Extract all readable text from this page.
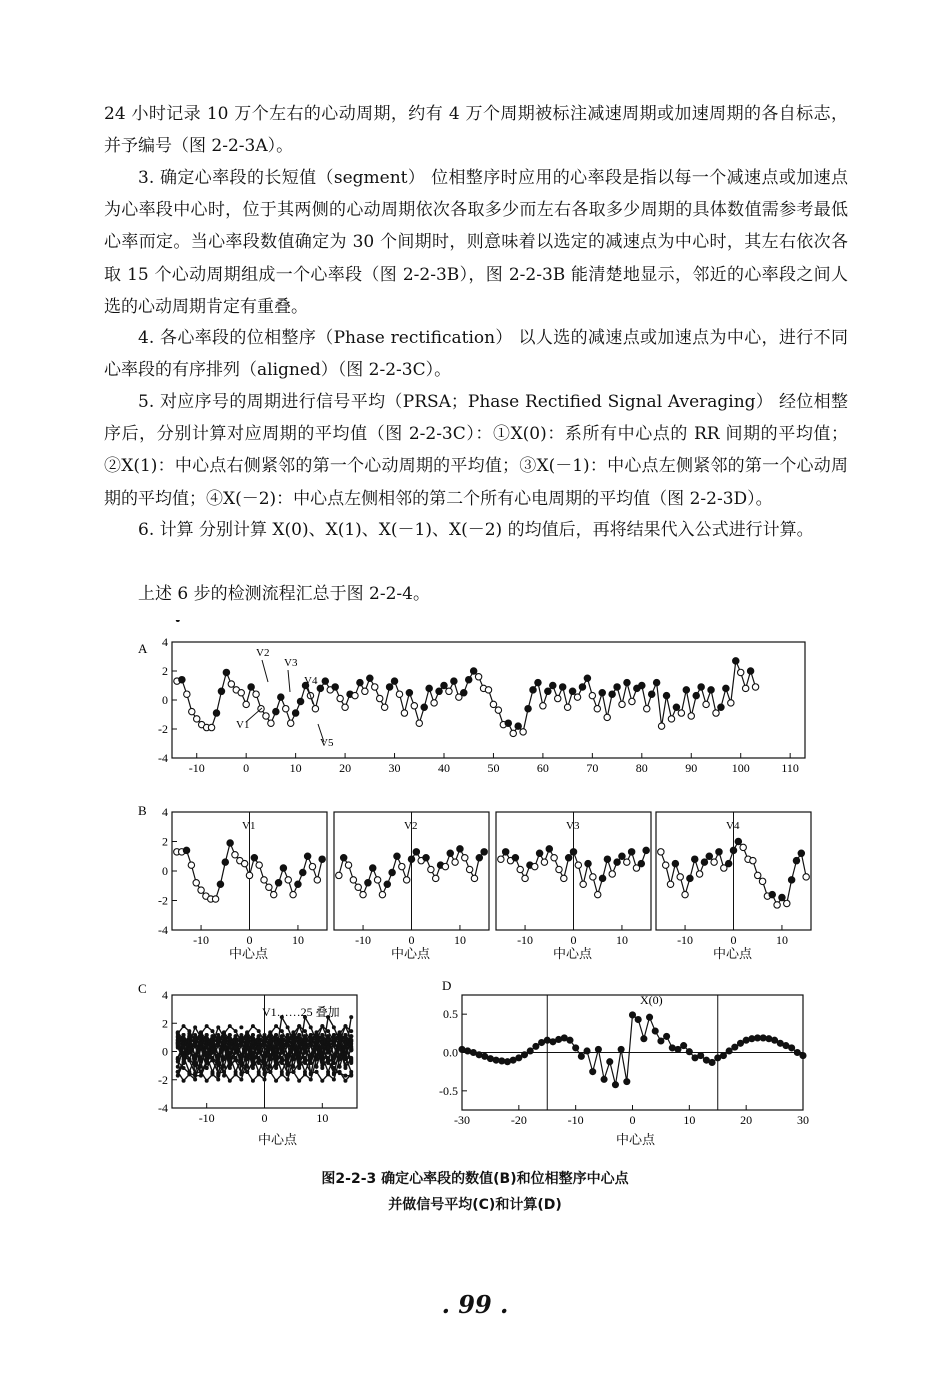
24 小时记录 10 万个左右的心动周期，约有 4 万个周期被标注减速周期或加速周期的各自标志，并予编号（图 2-2-3A）。

3. 确定心率段的长短值（segment） 位相整序时应用的心率段是指以每一个减速点或加速点为心率段中心时，位于其两侧的心动周期依次各取多少而左右各取多少周期的具体数值需参考最低心率而定。当心率段数值确定为 30 个间期时，则意味着以选定的减速点为中心时，其左右依次各取 15 个心动周期组成一个心率段（图 2-2-3B），图 2-2-3B 能清楚地显示，邻近的心率段之间人选的心动周期肯定有重叠。

4. 各心率段的位相整序（Phase rectification） 以人选的减速点或加速点为中心，进行不同心率段的有序排列（aligned）（图 2-2-3C）。

5. 对应序号的周期进行信号平均（PRSA；Phase Rectified Signal Averaging） 经位相整序后，分别计算对应周期的平均值（图 2-2-3C）：①X(0)：系所有中心点的 RR 间期的平均值；②X(1)：中心点右侧紧邻的第一个心动周期的平均值；③X(－1)：中心点左侧紧邻的第一个心动周期的平均值；④X(－2)：中心点左侧相邻的第二个所有心电周期的平均值（图 2-2-3D）。

6. 计算 分别计算 X(0)、X(1)、X(－1)、X(－2) 的均值后，再将结果代入公式进行计算。

上述 6 步的检测流程汇总于图 2-2-4。

A
B
C	D
-10	0	10	20	30	40	50	60	70	80	90	100	110
4
2
0
-2
-4
-10	0	10
4
2
0
-2
-4
-10	0	10	-10	0	10	-10	0	10
-10	0	10
4
2
0
-2
-4
-30	-20	-10	0	10	20	30
0.5
0.0
-0.5
V2
V3
V4
V1
V5
V1	V2	V3	V4
中心点	中心点	中心点	中心点
中心点	中心点
V1……25 叠加
X(0)
图2-2-3 确定心率段的数值(B)和位相整序中心点
并做信号平均(C)和计算(D)
. 99 .
